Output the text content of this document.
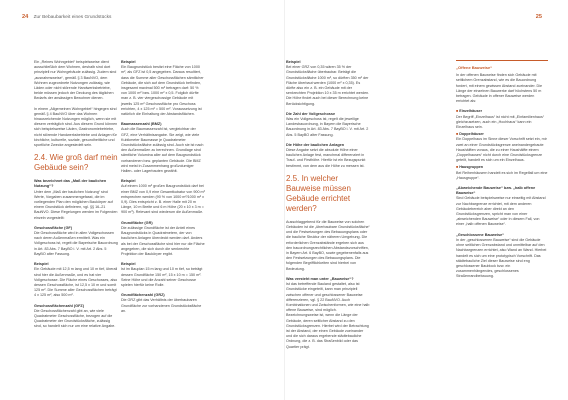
24 Zur Bebaubarkeit eines Grundstücks	25

Ein „Reines Wohngebiet“ beispielsweise dient ausschließlich dem Wohnen, deshalb sind dort prinzipiell nur Wohngebäude zulässig. Zudem sind „ausnahmsweise“, gemäß § 3 BauNVO, dem Wohnen zugeordnete Nutzungen zulässig, wie Läden oder nicht störende Handwerksbetriebe, beide müssen jedoch der Deckung des täglichen Bedarfs der ansässigen Bewohner dienen.

In einem „Allgemeinen Wohngebiet“ hingegen sind gemäß § 4 BauNVO über das Wohnen hinausreichende Nutzungen möglich, wenn sie mit diesem verträglich sind. Aus diesem Grund können sich beispielsweise Läden, Gastronomiebetriebe, nicht störende Handwerksbetriebe und Anlagen für kirchliche, kulturelle, soziale, gesundheitliche und sportliche Zwecke angesiedelt sein.

2.4. Wie groß darf mein Gebäude sein?
Was bezeichnet das „Maß der baulichen Nutzung“?

Unter dem „Maß der baulichen Nutzung“ sind Werte, Vorgaben zusammengefasst, die im vorliegenden Plan den möglichen Baukörper auf einem Grundstück definieren, vgl. §§ 16–21 BauNVO. Diese Regelungen werden im Folgenden einzeln vorgestellt:

Geschossfläche (GF)

Die Geschossfläche wird in allen Vollgeschossen nach deren Außenmaßen ermittelt. Was ein Vollgeschoss ist, regelt die Bayerische Bauordnung in Art. 83 Abs. 7 BayBO i. V. mit Art. 2 Abs. 5 BayBO alter Fassung.

Beispiel

Ein Gebäude mit 12,5 m lang und 10 m tief, überall sind hier die Außenmaße, und es hat vier Vollgeschosse. Die Fläche eines Geschosses, also dessen Geschossfläche, ist 12,5 x 10 m und somit 125 m². Die Summe aller Geschossflächen beträgt 4 x 125 m², also 500 m².

Geschossflächenzahl (GFZ)

Die Geschossflächenzahl gibt an, wie viele Quadratmeter Geschossfläche, bezogen auf die Quadratmeter der Grundstücksfläche, zulässig sind, so handelt sich nur um eine relative Angabe.

Beispiel

Ein Baugrundstück besitzt eine Fläche von 1000 m², als GFZ ist 0,5 angegeben. Daraus resultiert, dass die Summe aller Geschossflächen sämtlicher Gebäude, die sich auf dem Grundstück befinden, insgesamt maximal 500 m² betragen darf: 50 % von 1000 m² bzw. 1000 m² x 0,5. Folglich dürfte man z. B. vier viergeschossige Gebäude mit jeweils 125 m² Geschossfläche pro Geschoss errichten, 4 x 125 m² = 500 m². Voraussetzung ist natürlich die Einhaltung der Abstandsflächen.

Baumassenzahl (BMZ)

Auch die Baumassenzahl ist, vergleichbar der GFZ, eine Verhältnisangabe. Sie zeigt, wie viele Kubikmeter Baumasse je Quadratmeter Grundstücksfläche zulässig sind. Auch sie ist nach den Außenmaßen zu berechnen. Grundlage sind sämtliche Volumina aller auf dem Baugrundstück vorhandenen bzw. geplanten Gebäude. Die BMZ wird meist in Zusammenhang großvolumiger Hallen- oder Lagerbauten gewählt.

Beispiel

Auf einem 1000 m² großen Baugrundstück darf bei einer BMZ von 0,9 eine Gesamtkubatur von 900 m³ entsprechen werden (90 % von 1000 m²/1000 m² x 0,9). Dies entspricht z. B. einer Halle mit 20 m Länge, 10 m Breite und 6 m Höhe (20 x 10 x 3 m = 900 m³). Relevant sind wiederum die Außenmaße.

Grundfläche (GR)

Die zulässige Grundfläche ist der Anteil eines Baugrundstücks in Quadratmetern, der von baulichen Anlagen überdeckt werden darf. Anders als bei der Geschossfläche sind hier nur die Fläche angegeben, die sich durch die senkrechte Projektion der Baukörper ergibt.

Beispiel

Ist im Bauplan 15 m lang und 10 m tief, so beträgt dessen Grundfläche 150 m², 15 x 10 m = 150 m². Seine Höhe und die Anzahl seiner Geschosse spielen hierfür keine Rolle.

Grundflächenzahl (GRZ)

Die GRZ gibt das Verhältnis der überbaubaren Grundfläche zur vorhandenen Grundstücksfläche an.

Beispiel

Bei einer GRZ von 0,35 wären 35 % der Grundstücksfläche überbaubar. Beträgt die Grundstücksfläche 1000 m², so dürften 350 m² der Fläche überbaut werden (1000 m² x 0,35). Es dürfte also ein z. B. ein Gebäude mit der senkrechten Projektion 10 x 35 m errichtet werden. Die Höhe findet auch bei dieser Berechnung keine Berücksichtigung.

Die Zahl der Vollgeschosse

Was ein Vollgeschoss ist, regelt die jeweilige Landesbauordnung, in Bayern die Bayerische Bauordnung in Art. 83 Abs. 7 BayBO i. V. mit Art. 2 Abs. 5 BayBO alter Fassung.

Die Höhe der baulichen Anlagen

Diese Angabe setzt die absolute Höhe einer baulichen Anlage fest, manchmal differenziert in Trauf- und Firsthöhe. Hierfür ist ein Bezugspunkt bestimmt, von dem aus die Höhe zu messen ist.

2.5. In welcher Bauweise müssen Gebäude errichtet werden?

Ausschlaggebend für die Bauweise von solchen Gebäuden ist die „überbaubare Grundstücksfläche“ und die Festsetzungen des Bebauungsplans oder die bauliche Struktur der näheren Umgebung. Die erforderlichen Grenzabstände ergeben sich aus den bauordnungsrechtlichen Abstandsvorschriften, in Bayern Art. 6 BayBO, sowie gegebenenfalls aus den Festsetzungen des Bebauungsplans. Die folgenden Begrifflichkeiten sind hierbei von Bedeutung.

Was versteht man unter „Bauweise“?

Ist das betreffende Bauland gestaltet, also ist Grundstücke eingeteilt, kann man prinzipiell zwischen offener und geschlossener Bauweise differenzieren, vgl. § 22 BauNVO. Auch Kombinationen und Zwischenformen, wie eine halb offene Bauweise, sind möglich. Bezeichnungsweise ist, wenn die Länge der Gebäude, deren seitlicher Abstand zu den Grundstücksgrenzen. Hierbei wird der Betrachtung ist der Abstand, der einen Gebäude zueinander und die sich daraus ergebende städtebauliche Ordnung, die z. B. das Straßenbild oder das Quartier prägt.

„Offene Bauweise“

In der offenen Bauweise finden sich Gebäude mit seitlichem Grenzabstand, wie es die Bauordnung fordert, mit einem gewissen Abstand zueinander. Die Länge der einzelnen Bauwerke darf höchstens 50 m betragen. Gebäude in offener Bauweise werden errichtet als:

■ Einzelhäuser
Der Begriff „Einzelhaus“ ist nicht mit „Einfamilienhaus“ gleichzusetzen, auch ein „Hochhaus“ kann ein Einzelhaus sein.
■ Doppelhäuser
Ein Doppelhaus im Sinne dieser Vorschrift setzt ein, mir zwei an einer Grundstücksgrenze aneinandergebaute Haushälften voraus, die zu einer Haushälfte einem „Doppelhauses“ nicht durch eine Grundstücksgrenze geteilt, handelt es sich um ein Einzelhaus.
■ Hausgruppen
Bei Reihenhäusern handelt es sich im Regelfall um eine „Hausgruppe“.

„Abweichende Bauweise“ bzw. „halb offene Bauweise“

Sind Gebäude beispielsweise nur einseitig mit Abstand zur Nachbargrenze errichtet, mit dem anderen Gebäudebereich aber direkt an den Grundstücksgrenzen, spricht man von einer „abweichenden Bauweise“ oder in diesem Fall, von einer „halb offenen Bauweise“.

„Geschlossene Bauweise“

In der „geschlossenen Bauweise“ sind die Gebäude ohne seitlichen Grenzabstand und unmittelbar auf den Nachbargrenzen errichtet, also Wand an Wand. Hierbei handelt es sich um eine prototypisch Vorschrift. Das städtebauliche Ziel dieser Bauweise sind eng geschlossener Baublock bzw. ein zusammenhängendes, geschlossenes Straßenrandbebauung.
